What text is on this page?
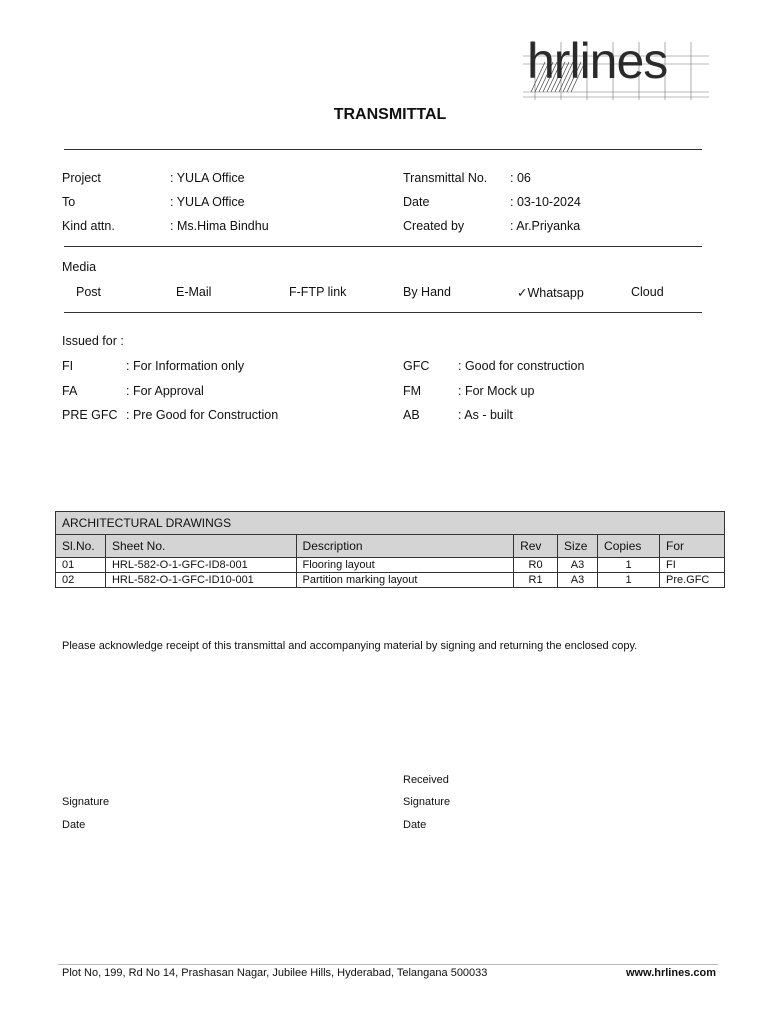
hrlines
TRANSMITTAL
Project	: YULA Office
To	: YULA Office
Kind attn.	: Ms.Hima Bindhu
Transmittal No. : 06
Date	: 03-10-2024
Created by	: Ar.Priyanka
Media
Post	E-Mail	F-FTP link	By Hand	✓Whatsapp	Cloud
Issued for :
FI	: For Information only
FA	: For Approval
PRE GFC : Pre Good for Construction
GFC : Good for construction
FM	: For Mock up
AB	: As - built
ARCHITECTURAL DRAWINGS						
Sl.No.	Sheet No.	Description	Rev	Size	Copies	For
01	HRL-582-O-1-GFC-ID8-001	Flooring layout	R0	A3	1	FI
02	HRL-582-O-1-GFC-ID10-001	Partition marking layout	R1	A3	1	Pre.GFC
Please acknowledge receipt of this transmittal and accompanying material by signing and returning the enclosed copy.
Received
Signature	Signature
Date	Date
Plot No, 199, Rd No 14, Prashasan Nagar, Jubilee Hills, Hyderabad, Telangana 500033	www.hrlines.com
